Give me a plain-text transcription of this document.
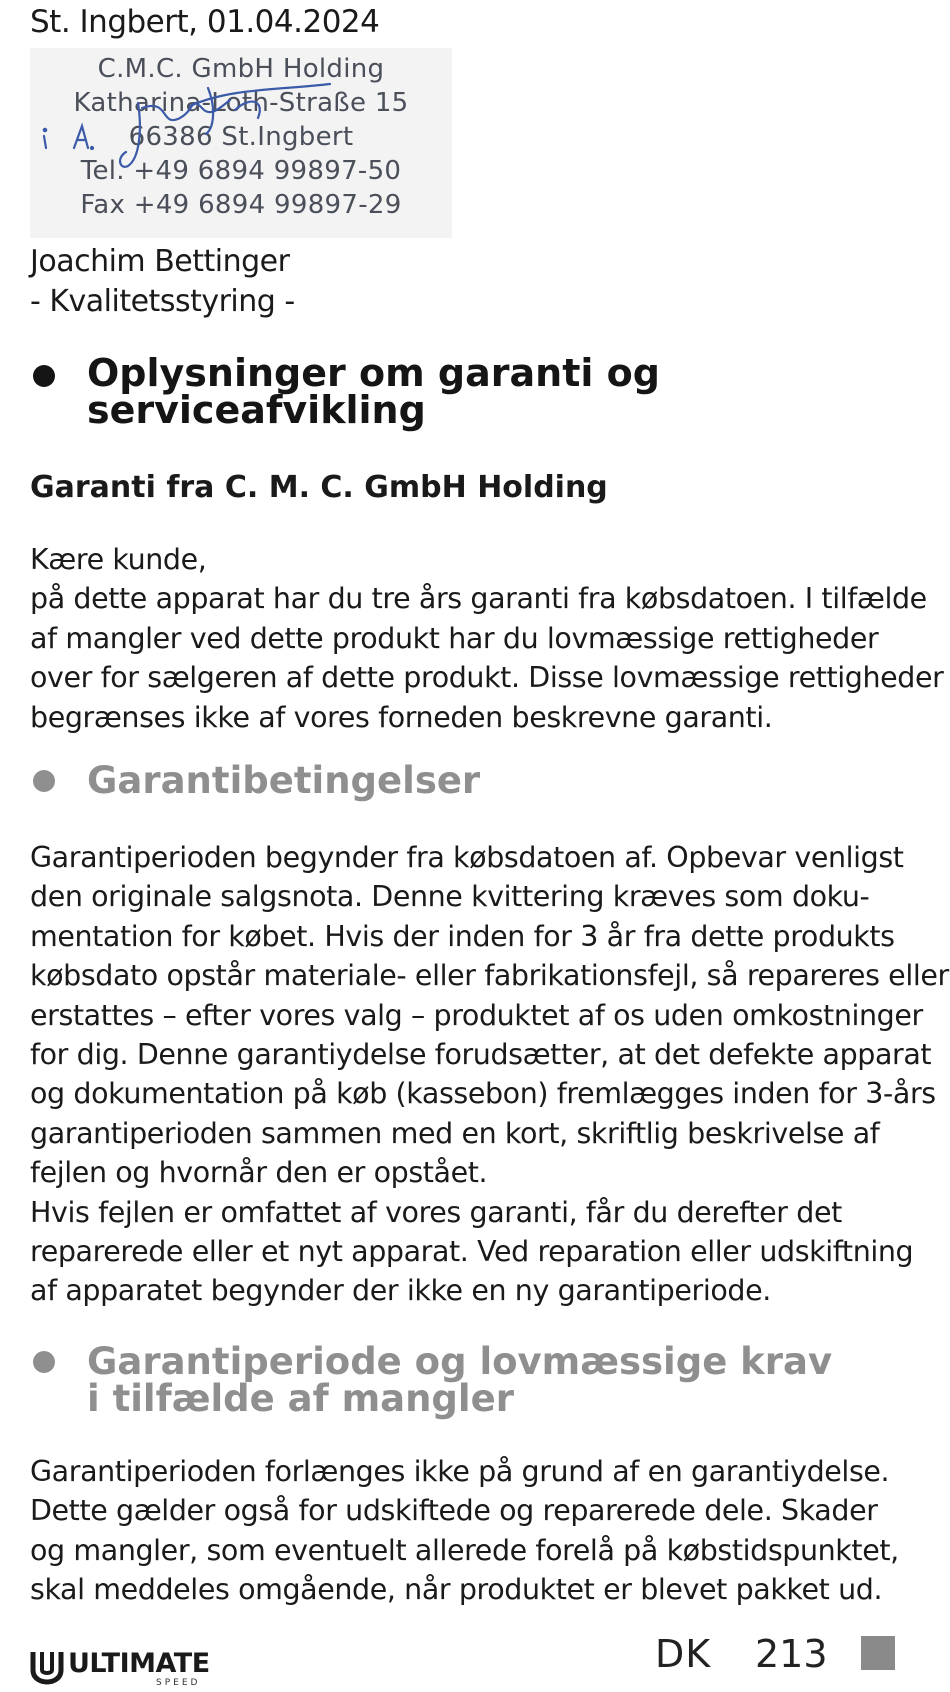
St. Ingbert, 01.04.2024
C.M.C. GmbH Holding
Katharina-Loth-Straße 15
66386 St.Ingbert
Tel. +49 6894 99897-50
Fax +49 6894 99897-29
Joachim Bettinger
- Kvalitetsstyring -
Oplysninger om garanti og
serviceafvikling
Garanti fra C. M. C. GmbH Holding
Kære kunde,
på dette apparat har du tre års garanti fra købsdatoen. I tilfælde
af mangler ved dette produkt har du lovmæssige rettigheder
over for sælgeren af dette produkt. Disse lovmæssige rettigheder
begrænses ikke af vores forneden beskrevne garanti.
Garantibetingelser
Garantiperioden begynder fra købsdatoen af. Opbevar venligst
den originale salgsnota. Denne kvittering kræves som doku-
mentation for købet. Hvis der inden for 3 år fra dette produkts
købsdato opstår materiale- eller fabrikationsfejl, så repareres eller
erstattes – efter vores valg – produktet af os uden omkostninger
for dig. Denne garantiydelse forudsætter, at det defekte apparat
og dokumentation på køb (kassebon) fremlægges inden for 3-års
garantiperioden sammen med en kort, skriftlig beskrivelse af
fejlen og hvornår den er opstået.
Hvis fejlen er omfattet af vores garanti, får du derefter det
reparerede eller et nyt apparat. Ved reparation eller udskiftning
af apparatet begynder der ikke en ny garantiperiode.
Garantiperiode og lovmæssige krav
i tilfælde af mangler
Garantiperioden forlænges ikke på grund af en garantiydelse.
Dette gælder også for udskiftede og reparerede dele. Skader
og mangler, som eventuelt allerede forelå på købstidspunktet,
skal meddeles omgående, når produktet er blevet pakket ud.
ULTIMATE
SPEED
DK 213
